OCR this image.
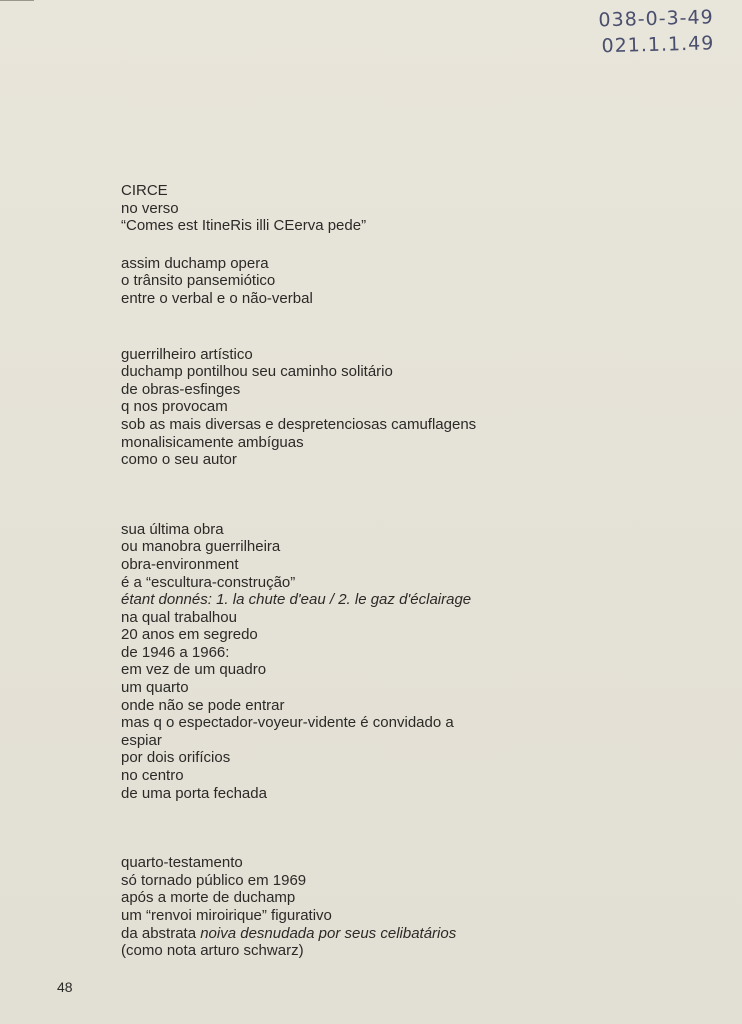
038-0-3-49
021.1.1.49
CIRCE
no verso
“Comes est ItineRis illi CEerva pede”
assim duchamp opera
o trânsito pansemiótico
entre o verbal e o não-verbal
guerrilheiro artístico
duchamp pontilhou seu caminho solitário
de obras-esfinges
q nos provocam
sob as mais diversas e despretenciosas camuflagens
monalisicamente ambíguas
como o seu autor
sua última obra
ou manobra guerrilheira
obra-environment
é a “escultura-construção”
étant donnés: 1. la chute d'eau / 2. le gaz d'éclairage
na qual trabalhou
20 anos em segredo
de 1946 a 1966:
em vez de um quadro
um quarto
onde não se pode entrar
mas q o espectador-voyeur-vidente é convidado a
espiar
por dois orifícios
no centro
de uma porta fechada
quarto-testamento
só tornado público em 1969
após a morte de duchamp
um “renvoi miroirique” figurativo
da abstrata noiva desnudada por seus celibatários
(como nota arturo schwarz)
48
